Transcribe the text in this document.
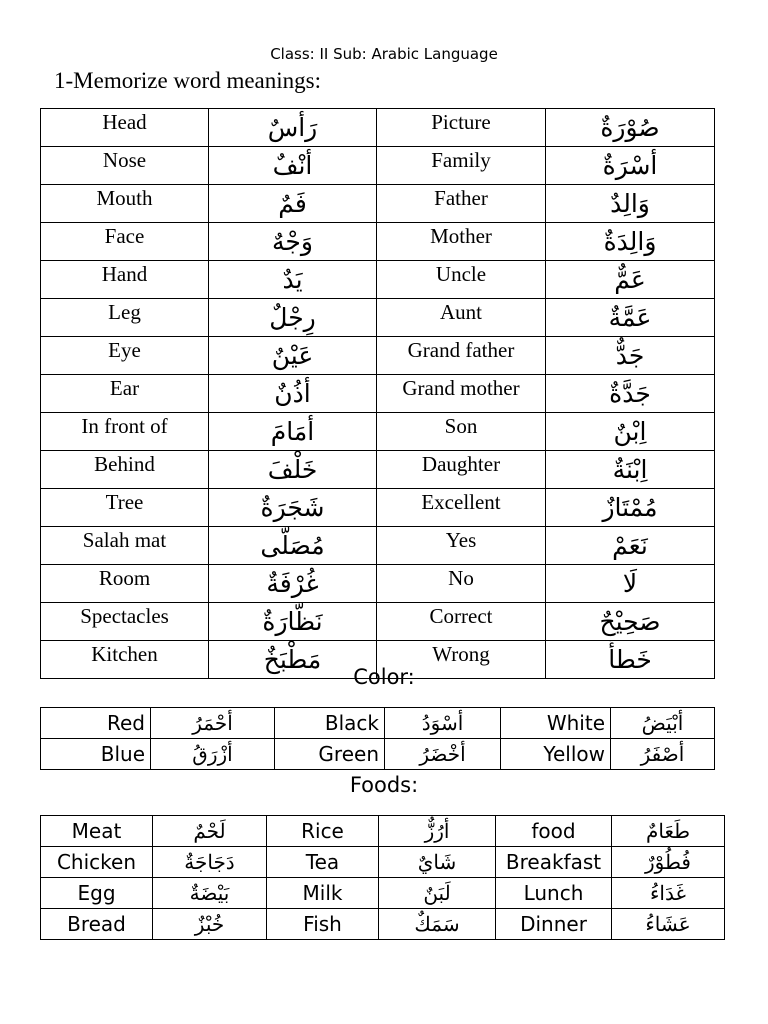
Class: II Sub: Arabic Language
1-Memorize word meanings:
Head	رَأسٌ	Picture	صُوْرَةٌ
Nose	أنْفٌ	Family	أسْرَةٌ
Mouth	فَمٌ	Father	وَالِدٌ
Face	وَجْهٌ	Mother	وَالِدَةٌ
Hand	يَدٌ	Uncle	عَمٌّ
Leg	رِجْلٌ	Aunt	عَمَّةٌ
Eye	عَيْنٌ	Grand father	جَدٌّ
Ear	أذُنٌ	Grand mother	جَدَّةٌ
In front of	أمَامَ	Son	اِبْنٌ
Behind	خَلْفَ	Daughter	اِبْنَةٌ
Tree	شَجَرَةٌ	Excellent	مُمْتَازٌ
Salah mat	مُصَلّى	Yes	نَعَمْ
Room	غُرْفَةٌ	No	لَا
Spectacles	نَظّارَةٌ	Correct	صَحِيْحٌ
Kitchen	مَطْبَخٌ	Wrong	خَطأٌ
Color:
Red	أحْمَرُ	Black	أسْوَدُ	White	أبْيَضُ
Blue	أزْرَقُ	Green	أخْضَرُ	Yellow	أصْفَرُ
Foods:
Meat	لَحْمٌ	Rice	أرُزٌّ	food	طَعَامٌ
Chicken	دَجَاجَةٌ	Tea	شَايٌ	Breakfast	فُطُوْرٌ
Egg	بَيْضَةٌ	Milk	لَبَنٌ	Lunch	غَدَاءُ
Bread	خُبْزٌ	Fish	سَمَكٌ	Dinner	عَشَاءُ
